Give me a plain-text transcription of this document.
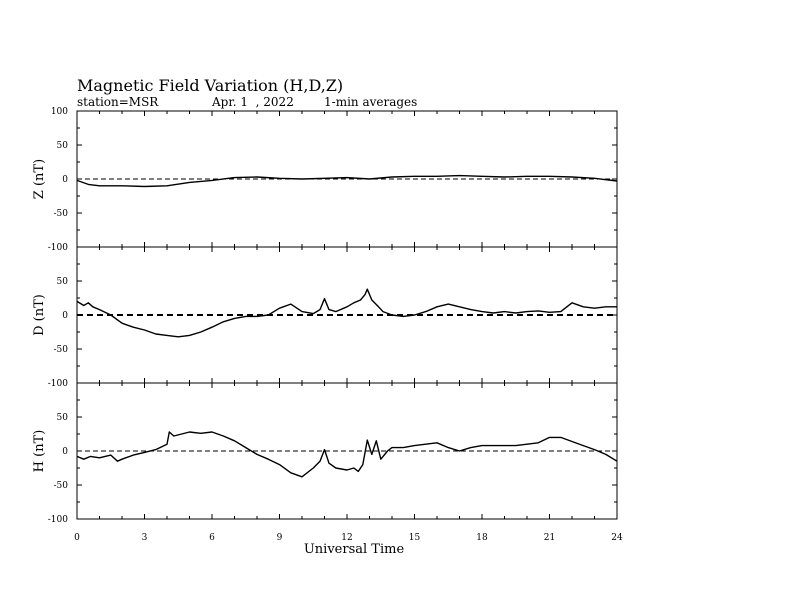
Magnetic Field Variation (H,D,Z)
station=MSR	Apr. 1  , 2022	1-min averages
100
50
0
-50
-100
Z (nT)
50
0
-50
-100
D (nT)
50
0
-50
-100
H (nT)
0	3	6	9	12	15	18	21	24
Universal Time
